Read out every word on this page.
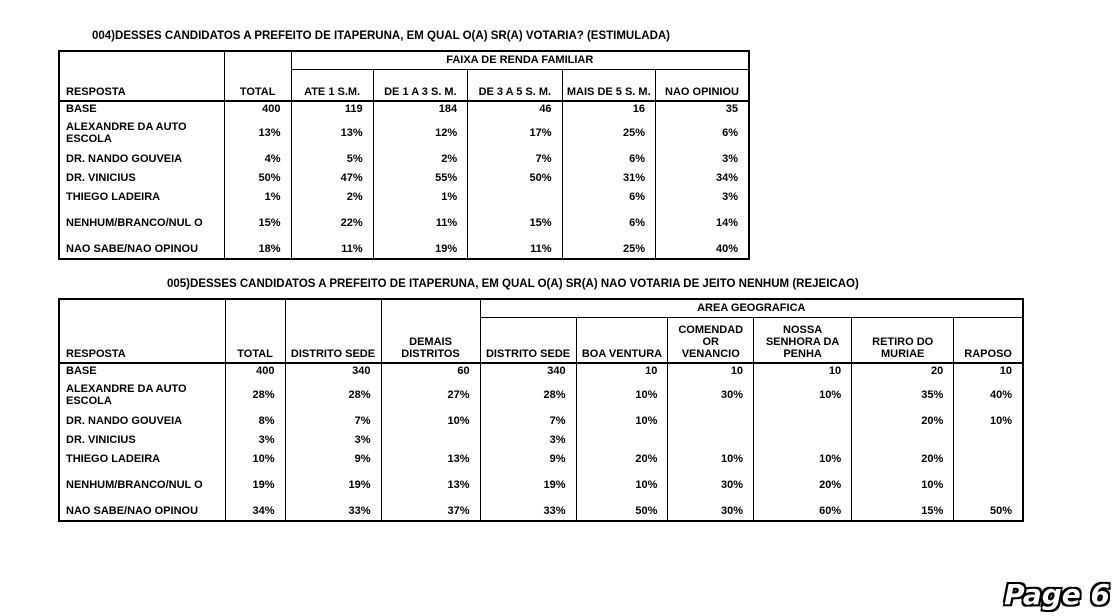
004)DESSES CANDIDATOS A PREFEITO DE ITAPERUNA, EM QUAL O(A) SR(A) VOTARIA? (ESTIMULADA)
RESPOSTA	TOTAL	FAIXA DE RENDA FAMILIAR				
		ATE 1 S.M.	DE 1 A 3 S. M.	DE 3 A 5 S. M.	MAIS DE 5 S. M.	NAO OPINIOU
BASE	400	119	184	46	16	35
ALEXANDRE DA AUTO ESCOLA	13%	13%	12%	17%	25%	6%
DR. NANDO GOUVEIA	4%	5%	2%	7%	6%	3%
DR. VINICIUS	50%	47%	55%	50%	31%	34%
THIEGO LADEIRA	1%	2%	1%		6%	3%
NENHUM/BRANCO/NUL O	15%	22%	11%	15%	6%	14%
NAO SABE/NAO OPINOU	18%	11%	19%	11%	25%	40%
005)DESSES CANDIDATOS A PREFEITO DE ITAPERUNA, EM QUAL O(A) SR(A) NAO VOTARIA DE JEITO NENHUM (REJEICAO)
RESPOSTA	TOTAL	DISTRITO SEDE	DEMAIS DISTRITOS	AREA GEOGRAFICA					
				DISTRITO SEDE	BOA VENTURA	COMENDAD OR VENANCIO	NOSSA SENHORA DA PENHA	RETIRO DO MURIAE	RAPOSO
BASE	400	340	60	340	10	10	10	20	10
ALEXANDRE DA AUTO ESCOLA	28%	28%	27%	28%	10%	30%	10%	35%	40%
DR. NANDO GOUVEIA	8%	7%	10%	7%	10%			20%	10%
DR. VINICIUS	3%	3%		3%					
THIEGO LADEIRA	10%	9%	13%	9%	20%	10%	10%	20%	
NENHUM/BRANCO/NUL O	19%	19%	13%	19%	10%	30%	20%	10%	
NAO SABE/NAO OPINOU	34%	33%	37%	33%	50%	30%	60%	15%	50%
Page 6
